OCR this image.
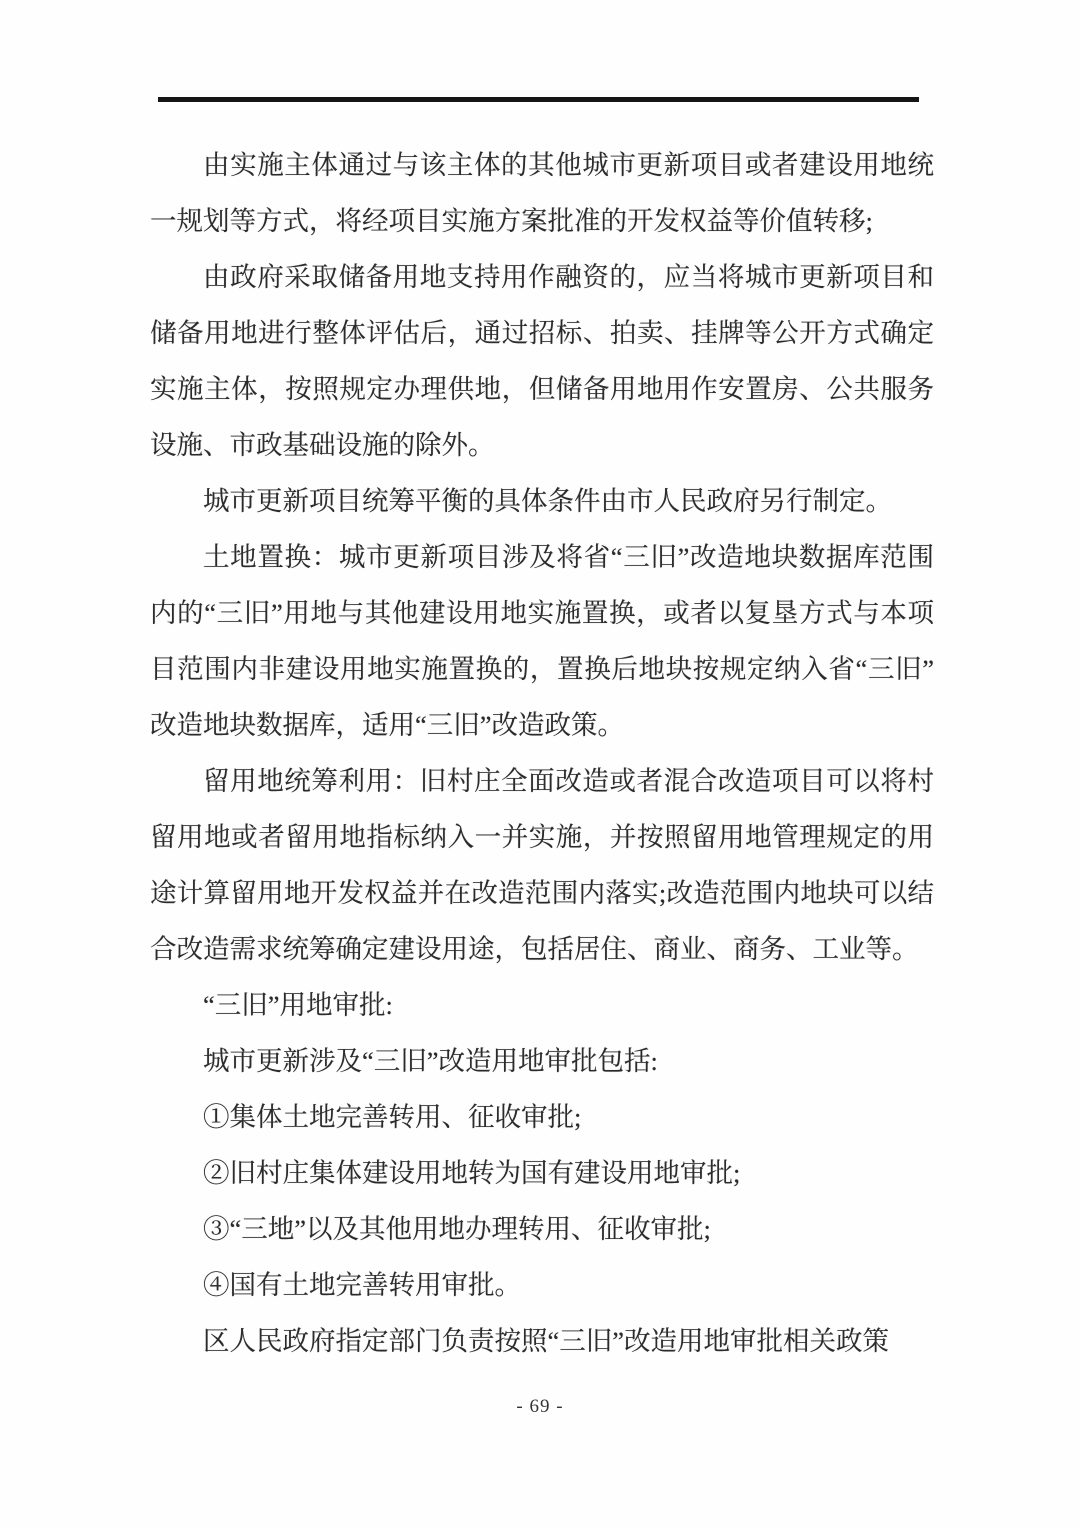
由实施主体通过与该主体的其他城市更新项目或者建设用地统一规划等方式，将经项目实施方案批准的开发权益等价值转移;

由政府采取储备用地支持用作融资的，应当将城市更新项目和储备用地进行整体评估后，通过招标、拍卖、挂牌等公开方式确定实施主体，按照规定办理供地，但储备用地用作安置房、公共服务设施、市政基础设施的除外。

城市更新项目统筹平衡的具体条件由市人民政府另行制定。

土地置换：城市更新项目涉及将省“三旧”改造地块数据库范围内的“三旧”用地与其他建设用地实施置换，或者以复垦方式与本项目范围内非建设用地实施置换的，置换后地块按规定纳入省“三旧”改造地块数据库，适用“三旧”改造政策。

留用地统筹利用：旧村庄全面改造或者混合改造项目可以将村留用地或者留用地指标纳入一并实施，并按照留用地管理规定的用途计算留用地开发权益并在改造范围内落实;改造范围内地块可以结合改造需求统筹确定建设用途，包括居住、商业、商务、工业等。

“三旧”用地审批:

城市更新涉及“三旧”改造用地审批包括:

①集体土地完善转用、征收审批;

②旧村庄集体建设用地转为国有建设用地审批;

③“三地”以及其他用地办理转用、征收审批;

④国有土地完善转用审批。

区人民政府指定部门负责按照“三旧”改造用地审批相关政策

- 69 -
